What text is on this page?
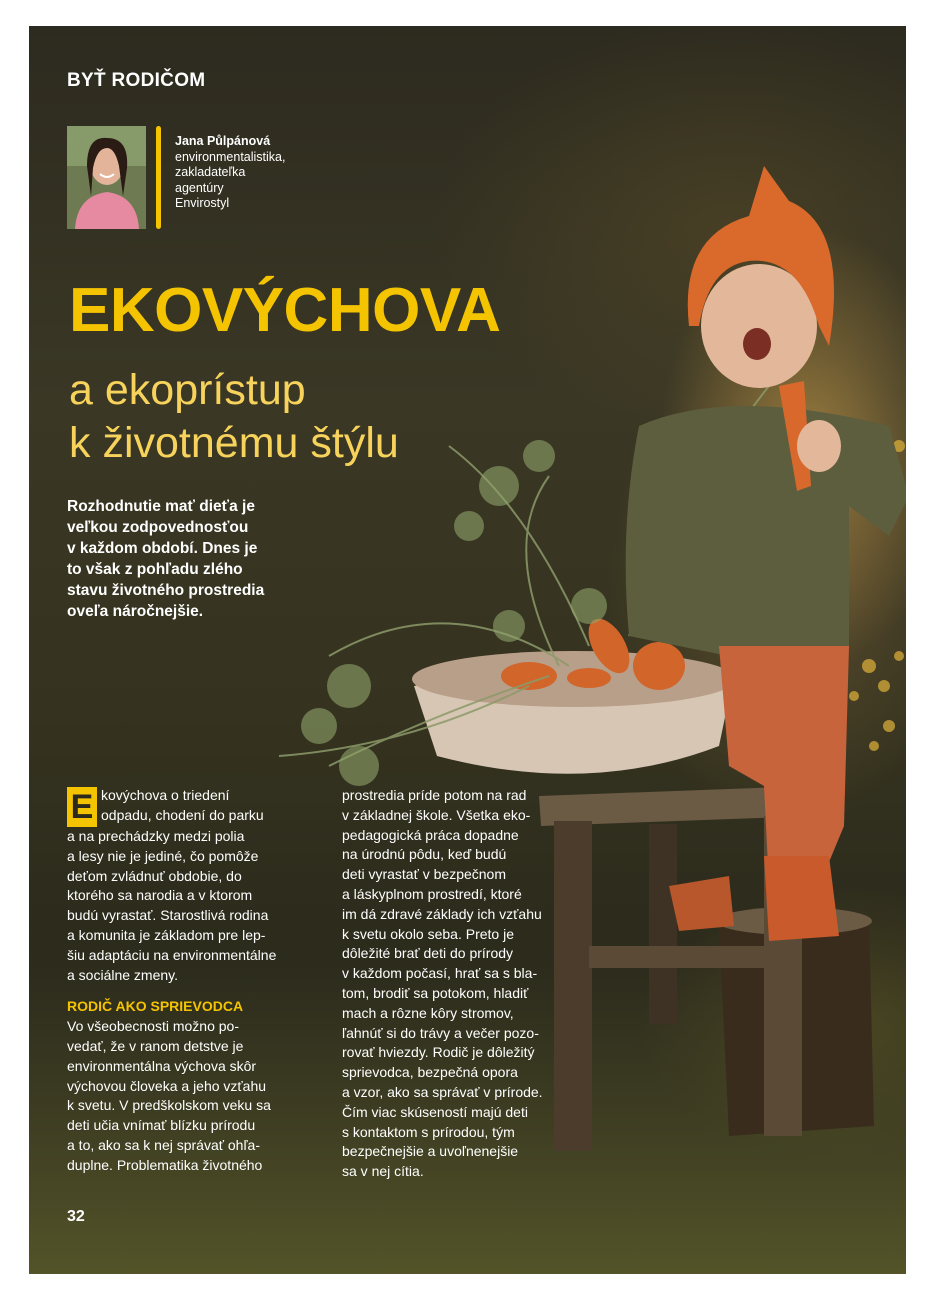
BYŤ RODIČOM
Jana Půlpánová
environmentalistika,
zakladateľka
agentúry
Envirostyl
EKOVÝCHOVA
a ekoprístup
k životnému štýlu
Rozhodnutie mať dieťa je
veľkou zodpovednosťou
v každom období. Dnes je
to však z pohľadu zlého
stavu životného prostredia
oveľa náročnejšie.
E kovýchova o triedení
odpadu, chodení do parku
a na prechádzky medzi polia
a lesy nie je jediné, čo pomôže
deťom zvládnuť obdobie, do
ktorého sa narodia a v ktorom
budú vyrastať. Starostlivá rodina
a komunita je základom pre lep-
šiu adaptáciu na environmentálne
a sociálne zmeny.
RODIČ AKO SPRIEVODCA
Vo všeobecnosti možno po-
vedať, že v ranom detstve je
environmentálna výchova skôr
výchovou človeka a jeho vzťahu
k svetu. V predškolskom veku sa
deti učia vnímať blízku prírodu
a to, ako sa k nej správať ohľa-
duplne. Problematika životného
prostredia príde potom na rad
v základnej škole. Všetka eko-
pedagogická práca dopadne
na úrodnú pôdu, keď budú
deti vyrastať v bezpečnom
a láskyplnom prostredí, ktoré
im dá zdravé základy ich vzťahu
k svetu okolo seba. Preto je
dôležité brať deti do prírody
v každom počasí, hrať sa s bla-
tom, brodiť sa potokom, hladiť
mach a rôzne kôry stromov,
ľahnúť si do trávy a večer pozo-
rovať hviezdy. Rodič je dôležitý
sprievodca, bezpečná opora
a vzor, ako sa správať v prírode.
Čím viac skúseností majú deti
s kontaktom s prírodou, tým
bezpečnejšie a uvoľnenejšie
sa v nej cítia.
32
